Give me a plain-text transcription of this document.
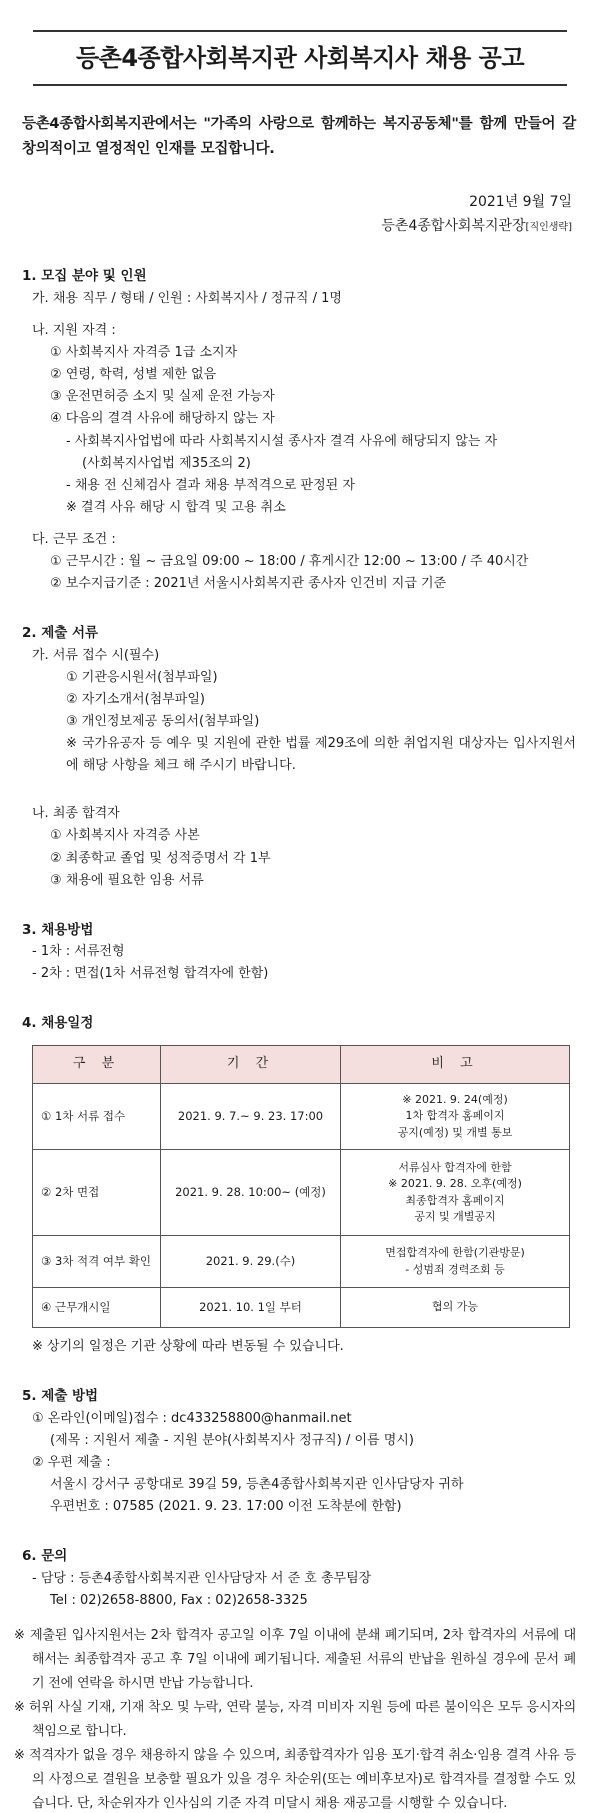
등촌4종합사회복지관 사회복지사 채용 공고
등촌4종합사회복지관에서는 "가족의 사랑으로 함께하는 복지공동체"를 함께 만들어 갈 창의적이고 열정적인 인재를 모집합니다.
2021년 9월 7일
등촌4종합사회복지관장[직인생략]
1. 모집 분야 및 인원
가. 채용 직무 / 형태 / 인원 : 사회복지사 / 정규직 / 1명
나. 지원 자격 :
① 사회복지사 자격증 1급 소지자
② 연령, 학력, 성별 제한 없음
③ 운전면허증 소지 및 실제 운전 가능자
④ 다음의 결격 사유에 해당하지 않는 자
- 사회복지사업법에 따라 사회복지시설 종사자 결격 사유에 해당되지 않는 자
(사회복지사업법 제35조의 2)
- 채용 전 신체검사 결과 채용 부적격으로 판정된 자
※ 결격 사유 해당 시 합격 및 고용 취소
다. 근무 조건 :
① 근무시간 : 월 ~ 금요일 09:00 ~ 18:00 / 휴게시간 12:00 ~ 13:00 / 주 40시간
② 보수지급기준 : 2021년 서울시사회복지관 종사자 인건비 지급 기준
2. 제출 서류
가. 서류 접수 시(필수)
① 기관응시원서(첨부파일)
② 자기소개서(첨부파일)
③ 개인정보제공 동의서(첨부파일)
※ 국가유공자 등 예우 및 지원에 관한 법률 제29조에 의한 취업지원 대상자는 입사지원서에 해당 사항을 체크 해 주시기 바랍니다.
나. 최종 합격자
① 사회복지사 자격증 사본
② 최종학교 졸업 및 성적증명서 각 1부
③ 채용에 필요한 임용 서류
3. 채용방법
- 1차 : 서류전형
- 2차 : 면접(1차 서류전형 합격자에 한함)
4. 채용일정
구 분	기 간	비 고
① 1차 서류 접수	2021. 9. 7.~ 9. 23. 17:00	※ 2021. 9. 24(예정)
1차 합격자 홈페이지
공지(예정) 및 개별 통보

② 2차 면접	2021. 9. 28. 10:00~ (예정)	서류심사 합격자에 한함
※ 2021. 9. 28. 오후(예정)
최종합격자 홈페이지
공지 및 개별공지

③ 3차 적격 여부 확인	2021. 9. 29.(수)	면접합격자에 한함(기관방문)
- 성범죄 경력조회 등

④ 근무개시일	2021. 10. 1일 부터	협의 가능
※ 상기의 일정은 기관 상황에 따라 변동될 수 있습니다.
5. 제출 방법
① 온라인(이메일)접수 : dc433258800@hanmail.net
(제목 : 지원서 제출 - 지원 분야(사회복지사 정규직) / 이름 명시)
② 우편 제출 :
서울시 강서구 공항대로 39길 59, 등촌4종합사회복지관 인사담당자 귀하
우편번호 : 07585 (2021. 9. 23. 17:00 이전 도착분에 한함)
6. 문의
- 담당 : 등촌4종합사회복지관 인사담당자 서 준 호 총무팀장
Tel : 02)2658-8800, Fax : 02)2658-3325

※ 제출된 입사지원서는 2차 합격자 공고일 이후 7일 이내에 분쇄 폐기되며, 2차 합격자의 서류에 대해서는 최종합격자 공고 후 7일 이내에 폐기됩니다. 제출된 서류의 반납을 원하실 경우에 문서 폐기 전에 연락을 하시면 반납 가능합니다.

※ 허위 사실 기재, 기재 착오 및 누락, 연락 불능, 자격 미비자 지원 등에 따른 불이익은 모두 응시자의 책임으로 합니다.

※ 적격자가 없을 경우 채용하지 않을 수 있으며, 최종합격자가 임용 포기·합격 취소·임용 결격 사유 등의 사정으로 결원을 보충할 필요가 있을 경우 차순위(또는 예비후보자)로 합격자를 결정할 수도 있습니다. 단, 차순위자가 인사심의 기준 자격 미달시 채용 재공고를 시행할 수 있습니다.
